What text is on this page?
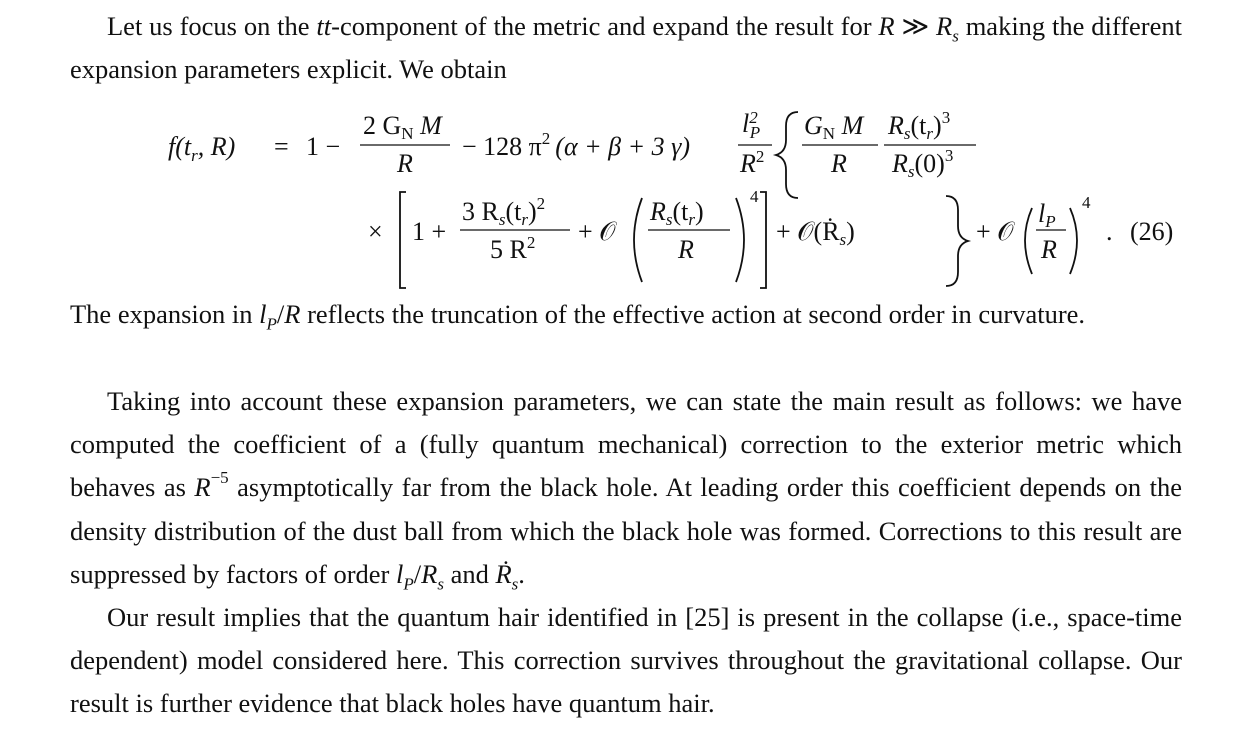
Let us focus on the tt-component of the metric and expand the result for R ≫ $R_s$ making the different expansion parameters explicit. We obtain

$f(t_r$, R) = 1 −
2 GN M
R
− 128 $\pi^2$ (α + β + 3 γ)
$l^2$ P
$R^2$
GN M
R
Rs(tr)$^3$
$Rs(0)^3$
× 1 +
3 Rs(tr)$^2$
5 $R^2$ + 𝒪
Rs(tr)
R
4
+ 𝒪(Ṙs)	+ 𝒪
lP
R
4
. (26)

The expansion in $l_P/R$ reflects the truncation of the effective action at second order in curvature.

Taking into account these expansion parameters, we can state the main result as follows: we have computed the coefficient of a (fully quantum mechanical) correction to the exterior metric which behaves as $R^{-5}$ asymptotically far from the black hole. At leading order this coefficient depends on the density distribution of the dust ball from which the black hole was formed. Corrections to this result are suppressed by factors of order $l_P/R_s$ and Ṙ$_s$.

Our result implies that the quantum hair identified in [25] is present in the collapse (i.e., space-time dependent) model considered here. This correction survives throughout the gravitational collapse. Our result is further evidence that black holes have quantum hair.
